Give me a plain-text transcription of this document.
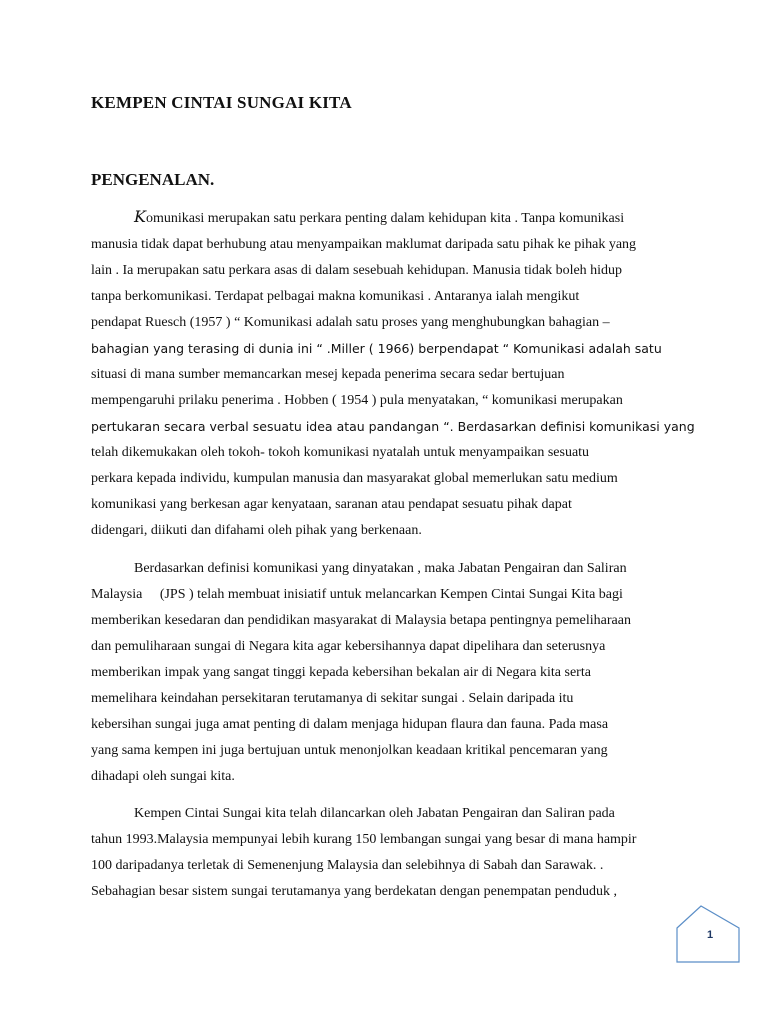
KEMPEN CINTAI SUNGAI KITA
PENGENALAN.
Komunikasi merupakan satu perkara penting dalam kehidupan kita . Tanpa komunikasi
manusia tidak dapat berhubung atau menyampaikan maklumat daripada satu pihak ke pihak yang
lain . Ia merupakan satu perkara asas di dalam sesebuah kehidupan. Manusia tidak boleh hidup
tanpa berkomunikasi. Terdapat pelbagai makna komunikasi . Antaranya ialah mengikut
pendapat Ruesch (1957 ) “ Komunikasi adalah satu proses yang menghubungkan bahagian –
bahagian yang terasing di dunia ini “ .Miller ( 1966) berpendapat “ Komunikasi adalah satu
situasi di mana sumber memancarkan mesej kepada penerima secara sedar bertujuan
mempengaruhi prilaku penerima . Hobben ( 1954 ) pula menyatakan, “ komunikasi merupakan
pertukaran secara verbal sesuatu idea atau pandangan “. Berdasarkan definisi komunikasi yang
telah dikemukakan oleh tokoh- tokoh komunikasi nyatalah untuk menyampaikan sesuatu
perkara kepada individu, kumpulan manusia dan masyarakat global memerlukan satu medium
komunikasi yang berkesan agar kenyataan, saranan atau pendapat sesuatu pihak dapat
didengari, diikuti dan difahami oleh pihak yang berkenaan.
Berdasarkan definisi komunikasi yang dinyatakan , maka Jabatan Pengairan dan Saliran
Malaysia     (JPS ) telah membuat inisiatif untuk melancarkan Kempen Cintai Sungai Kita bagi
memberikan kesedaran dan pendidikan masyarakat di Malaysia betapa pentingnya pemeliharaan
dan pemuliharaan sungai di Negara kita agar kebersihannya dapat dipelihara dan seterusnya
memberikan impak yang sangat tinggi kepada kebersihan bekalan air di Negara kita serta
memelihara keindahan persekitaran terutamanya di sekitar sungai . Selain daripada itu
kebersihan sungai juga amat penting di dalam menjaga hidupan flaura dan fauna. Pada masa
yang sama kempen ini juga bertujuan untuk menonjolkan keadaan kritikal pencemaran yang
dihadapi oleh sungai kita.
Kempen Cintai Sungai kita telah dilancarkan oleh Jabatan Pengairan dan Saliran pada
tahun 1993.Malaysia mempunyai lebih kurang 150 lembangan sungai yang besar di mana hampir
100 daripadanya terletak di Semenenjung Malaysia dan selebihnya di Sabah dan Sarawak. .
Sebahagian besar sistem sungai terutamanya yang berdekatan dengan penempatan penduduk ,
1
